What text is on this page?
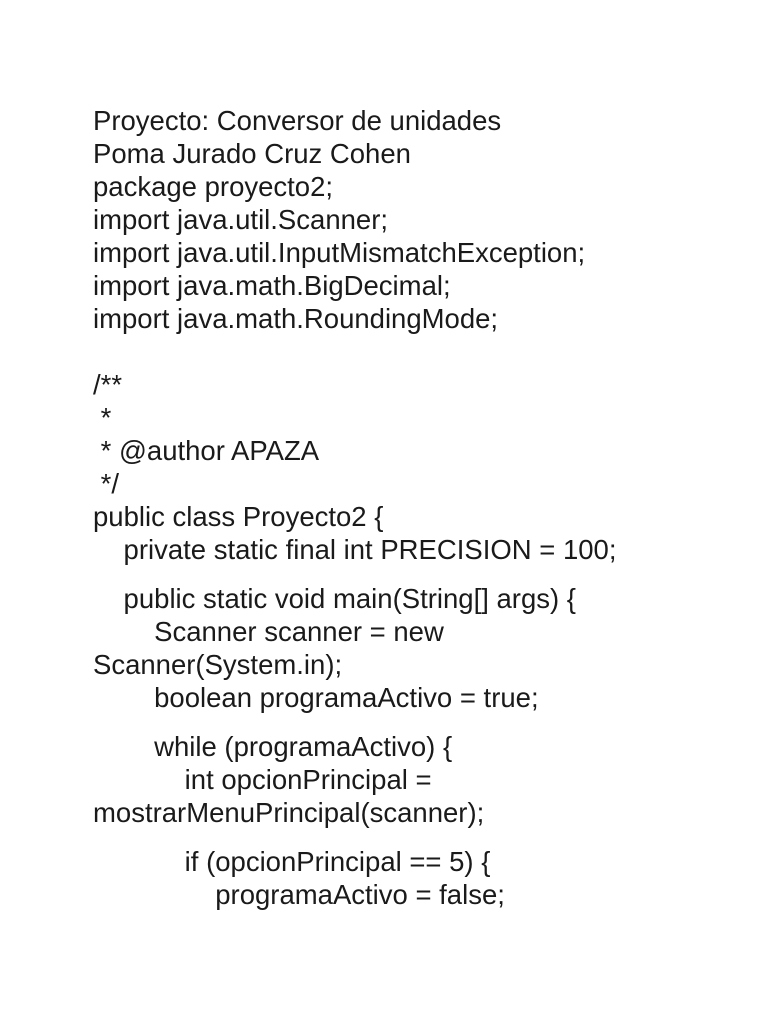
Proyecto: Conversor de unidades
Poma Jurado Cruz Cohen
package proyecto2;
import java.util.Scanner;
import java.util.InputMismatchException;
import java.math.BigDecimal;
import java.math.RoundingMode;
/**
*
* @author APAZA
*/
public class Proyecto2 {
private static final int PRECISION = 100;
public static void main(String[] args) {
Scanner scanner = new
Scanner(System.in);
boolean programaActivo = true;
while (programaActivo) {
int opcionPrincipal =
mostrarMenuPrincipal(scanner);
if (opcionPrincipal == 5) {
programaActivo = false;
